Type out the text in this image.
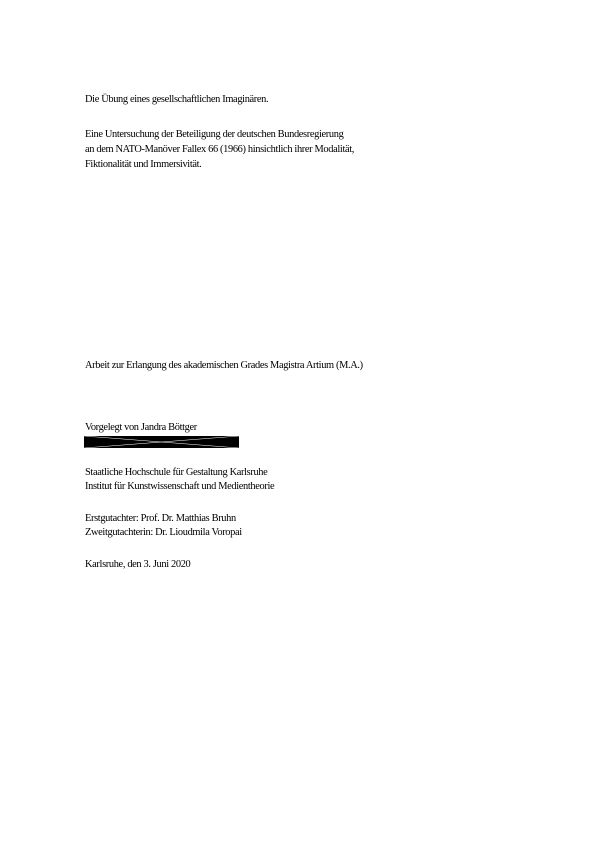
Die Übung eines gesellschaftlichen Imaginären.
Eine Untersuchung der Beteiligung der deutschen Bundesregierung
an dem NATO-Manöver Fallex 66 (1966) hinsichtlich ihrer Modalität,
Fiktionalität und Immersivität.
Arbeit zur Erlangung des akademischen Grades Magistra Artium (M.A.)
Vorgelegt von Jandra Böttger
Staatliche Hochschule für Gestaltung Karlsruhe
Institut für Kunstwissenschaft und Medientheorie
Erstgutachter: Prof. Dr. Matthias Bruhn
Zweitgutachterin: Dr. Lioudmila Voropai
Karlsruhe, den 3. Juni 2020
